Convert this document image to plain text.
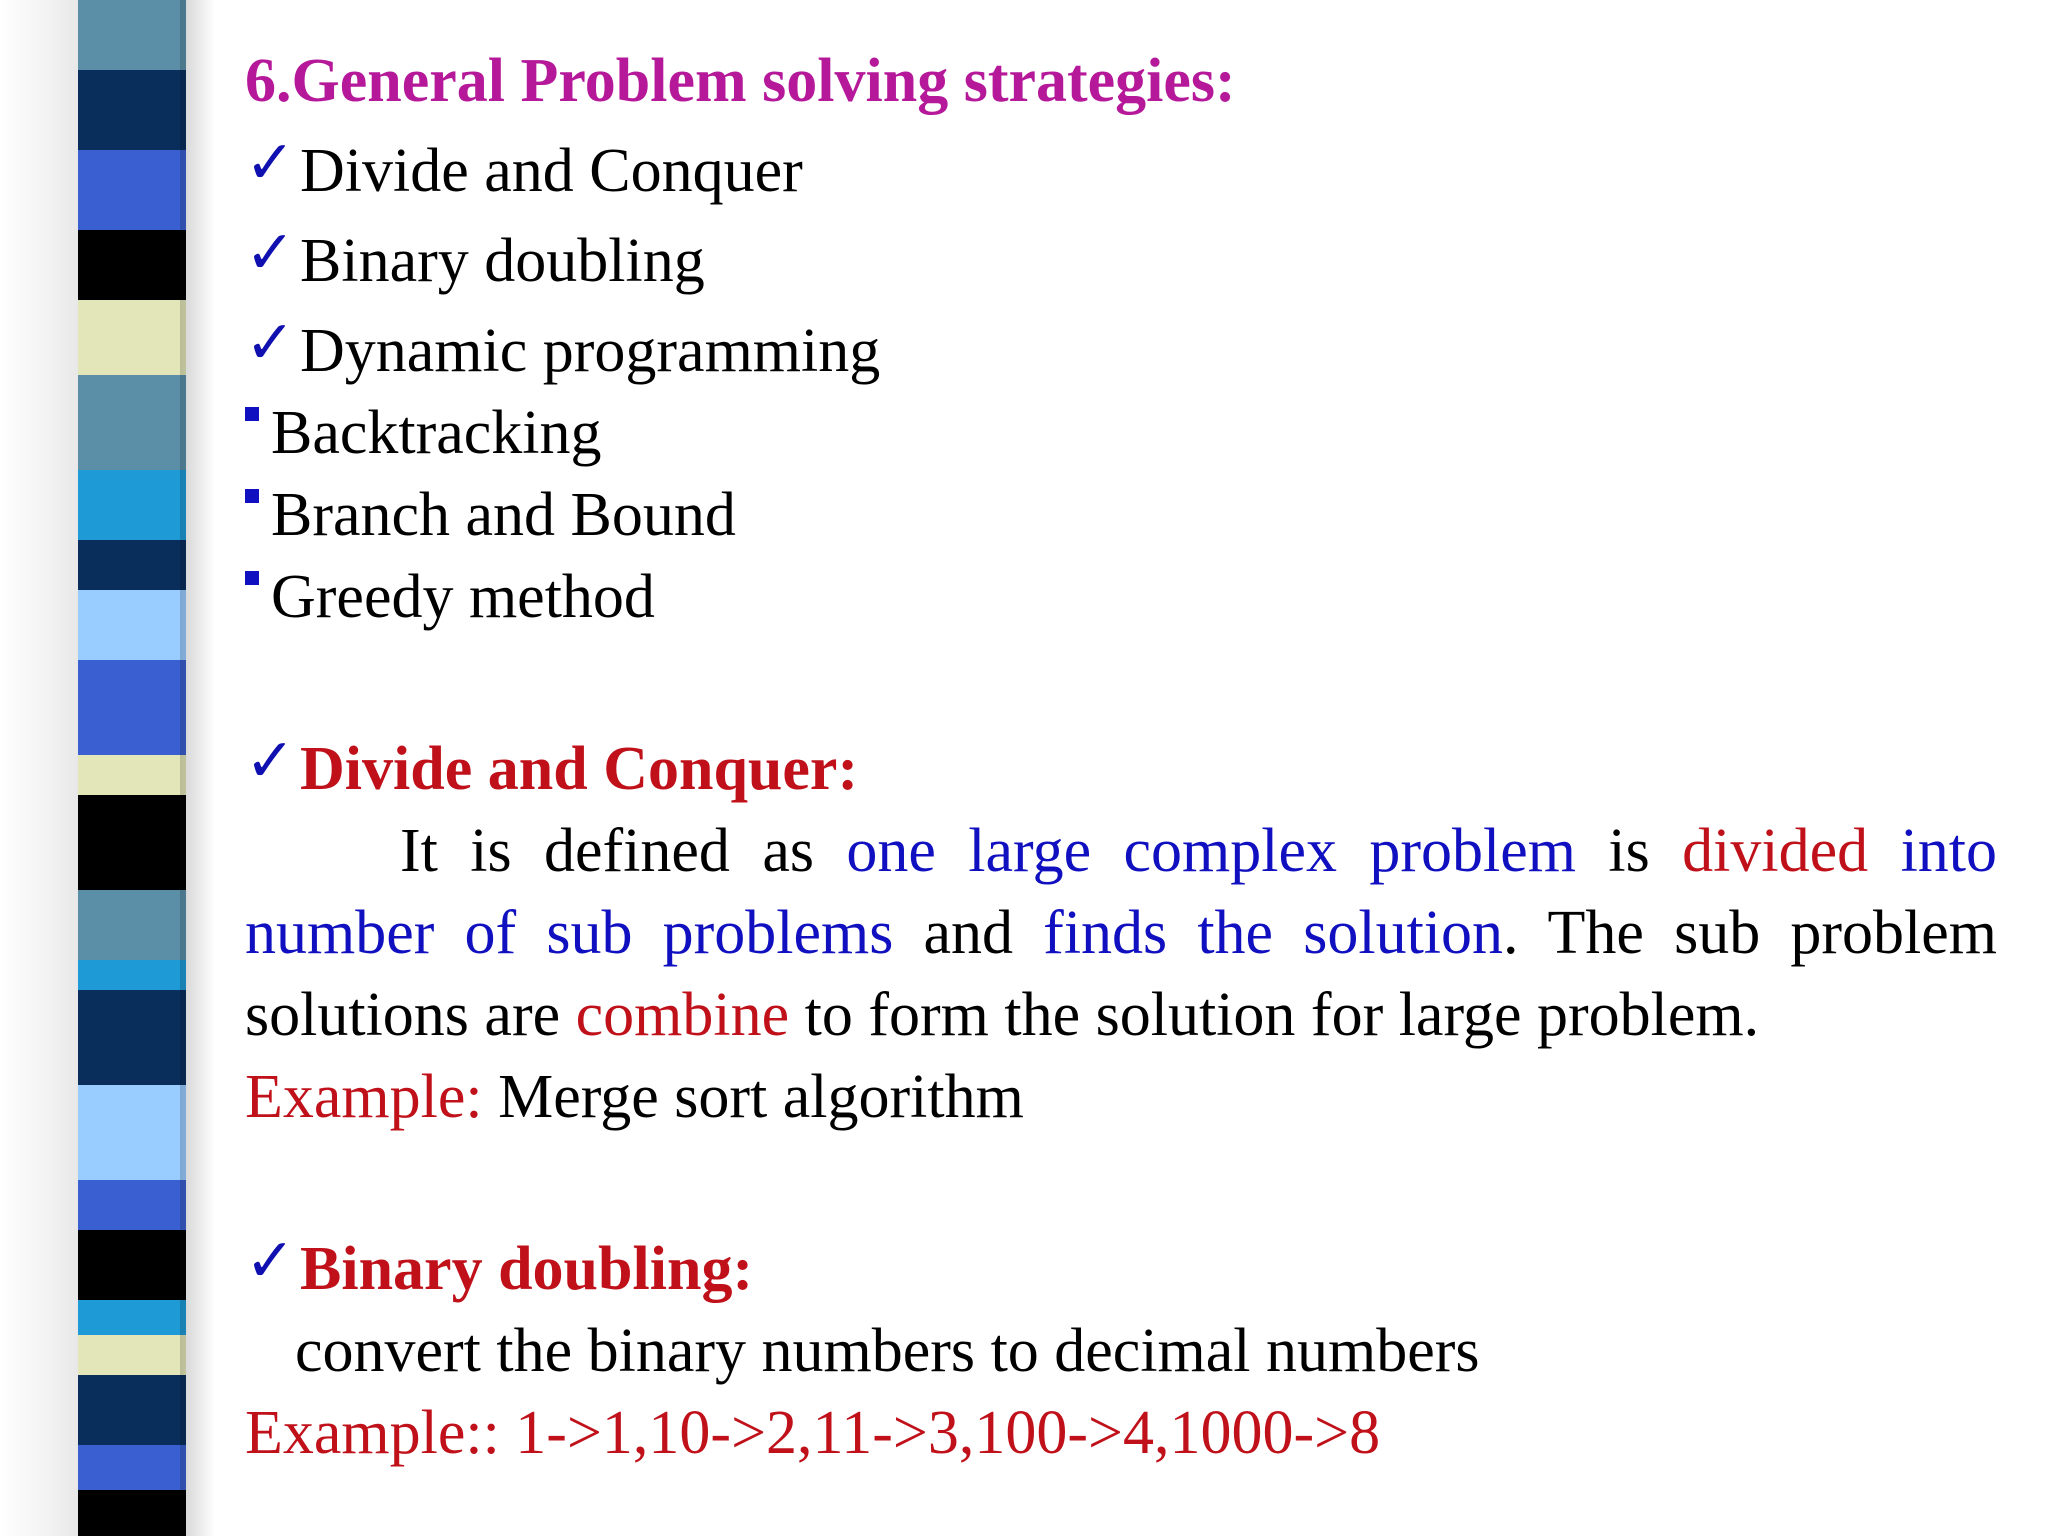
6.General Problem solving strategies:
✓Divide and Conquer
✓Binary doubling
✓Dynamic programming
Backtracking
Branch and Bound
Greedy method
✓Divide and Conquer:
It is defined as one large complex problem is divided into number of sub problems and finds the solution. The sub problem solutions are combine to form the solution for large problem.
Example: Merge sort algorithm
✓Binary doubling:
convert the binary numbers to decimal numbers
Example:: 1->1,10->2,11->3,100->4,1000->8
